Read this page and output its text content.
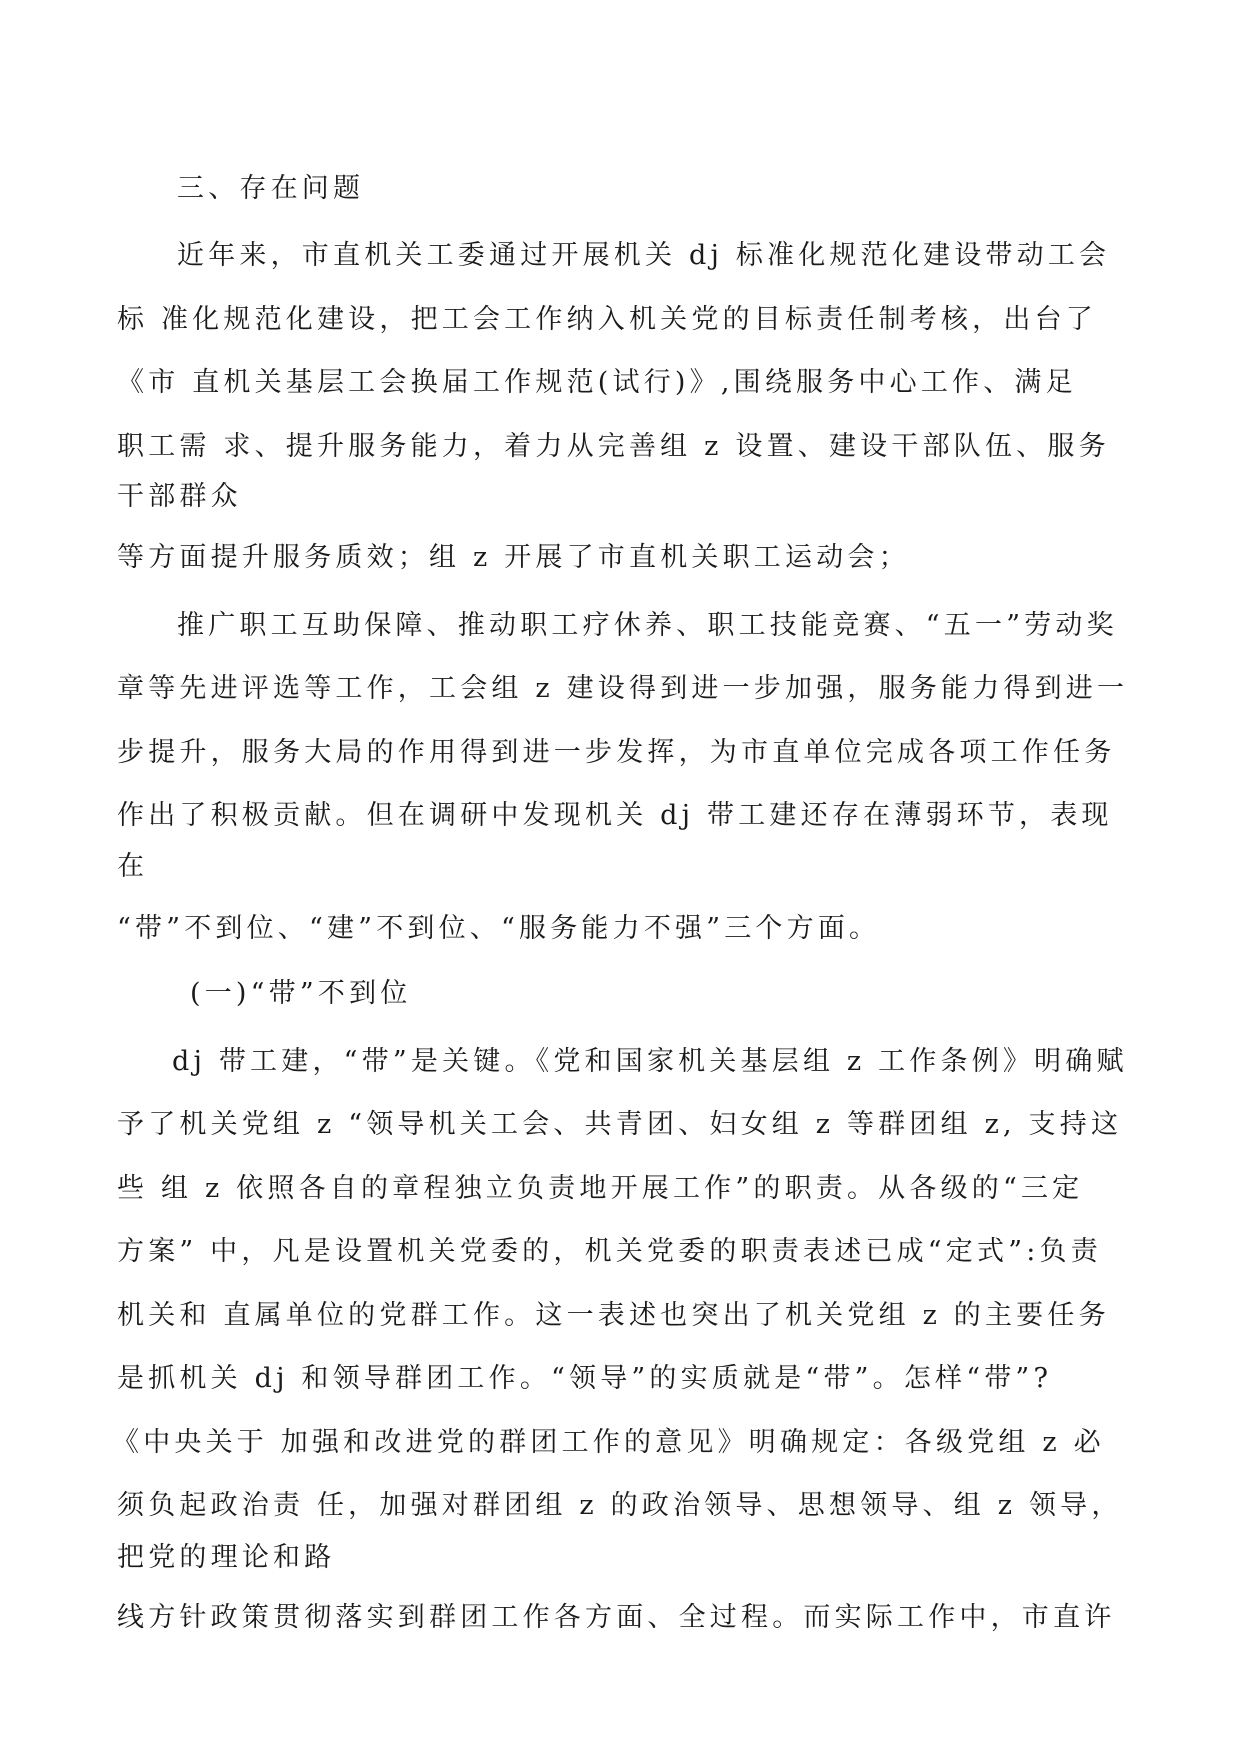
三、存在问题
近年来，市直机关工委通过开展机关 dj 标准化规范化建设带动工会
标 准化规范化建设，把工会工作纳入机关党的目标责任制考核，出台了
《市 直机关基层工会换届工作规范(试行)》,围绕服务中心工作、满足
职工需 求、提升服务能力，着力从完善组 z 设置、建设干部队伍、服务
干部群众
等方面提升服务质效；组 z 开展了市直机关职工运动会；
推广职工互助保障、推动职工疗休养、职工技能竞赛、“五一”劳动奖
章等先进评选等工作，工会组 z 建设得到进一步加强，服务能力得到进一
步提升，服务大局的作用得到进一步发挥，为市直单位完成各项工作任务
作出了积极贡献。但在调研中发现机关 dj 带工建还存在薄弱环节，表现
在
“带”不到位、“建”不到位、“服务能力不强”三个方面。
(一)“带”不到位
dj 带工建，“带”是关键。《党和国家机关基层组 z 工作条例》明确赋
予了机关党组 z “领导机关工会、共青团、妇女组 z 等群团组 z, 支持这
些 组 z 依照各自的章程独立负责地开展工作”的职责。从各级的“三定
方案” 中，凡是设置机关党委的，机关党委的职责表述已成“定式”:负责
机关和 直属单位的党群工作。这一表述也突出了机关党组 z 的主要任务
是抓机关 dj 和领导群团工作。“领导”的实质就是“带”。怎样“带”?
《中央关于 加强和改进党的群团工作的意见》明确规定：各级党组 z 必
须负起政治责 任，加强对群团组 z 的政治领导、思想领导、组 z 领导，
把党的理论和路
线方针政策贯彻落实到群团工作各方面、全过程。而实际工作中，市直许
